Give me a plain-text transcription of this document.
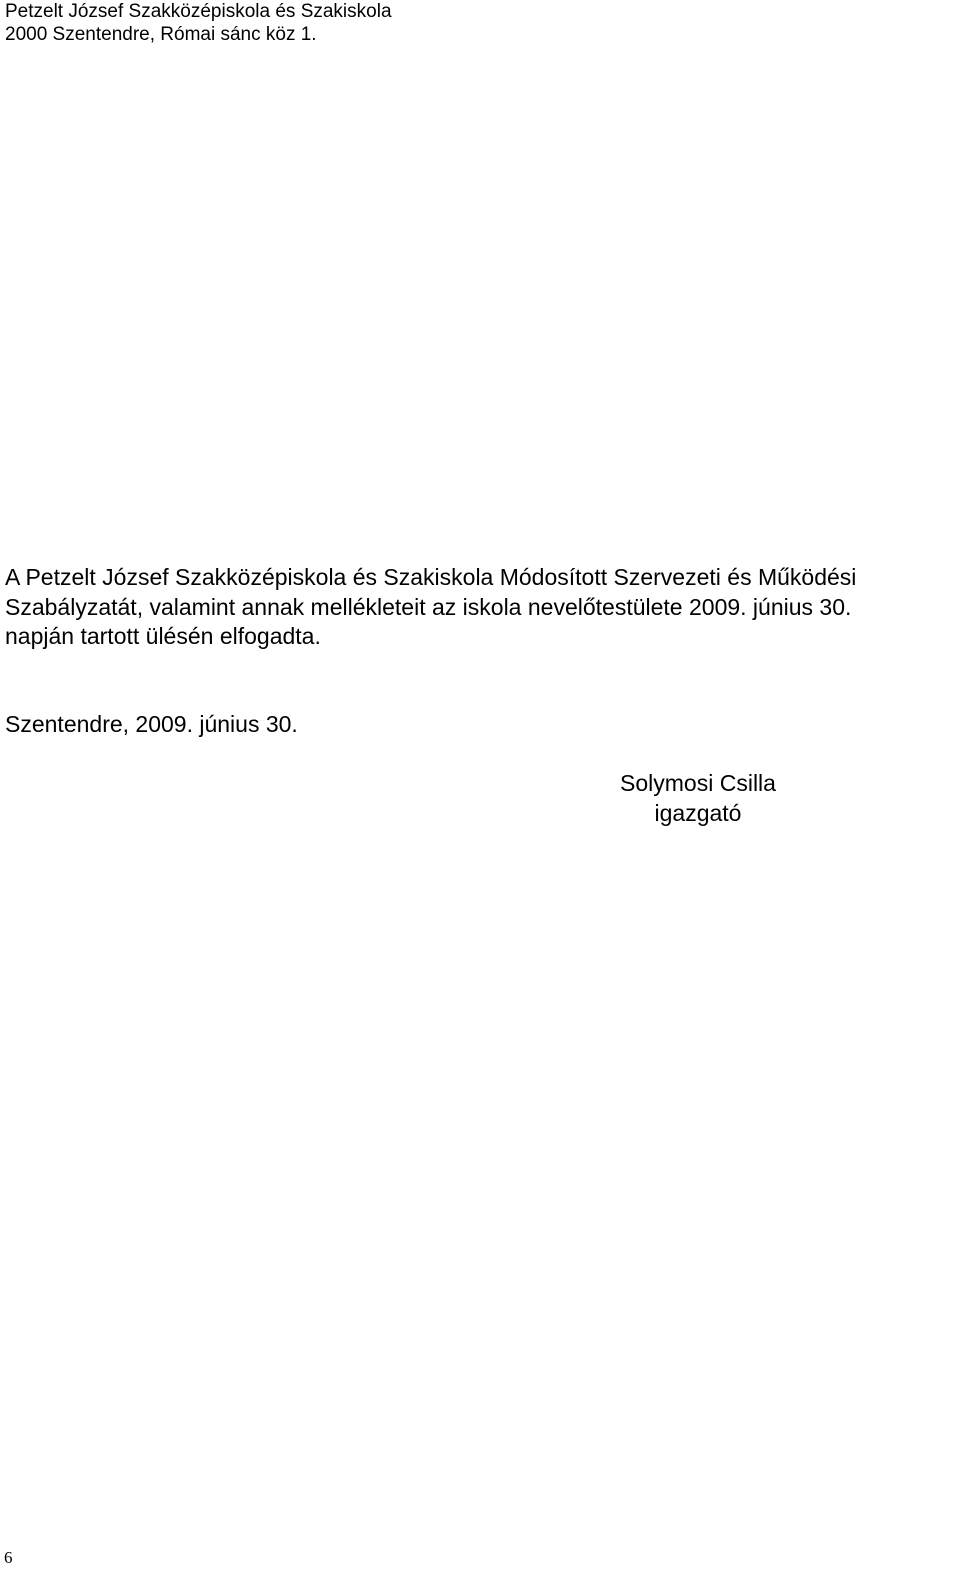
Petzelt József Szakközépiskola és Szakiskola
2000 Szentendre, Római sánc köz 1.
A Petzelt József Szakközépiskola és Szakiskola Módosított Szervezeti és Működési
Szabályzatát, valamint annak mellékleteit az iskola nevelőtestülete 2009. június 30.
napján tartott ülésén elfogadta.
Szentendre, 2009. június 30.
Solymosi Csilla
igazgató
6
